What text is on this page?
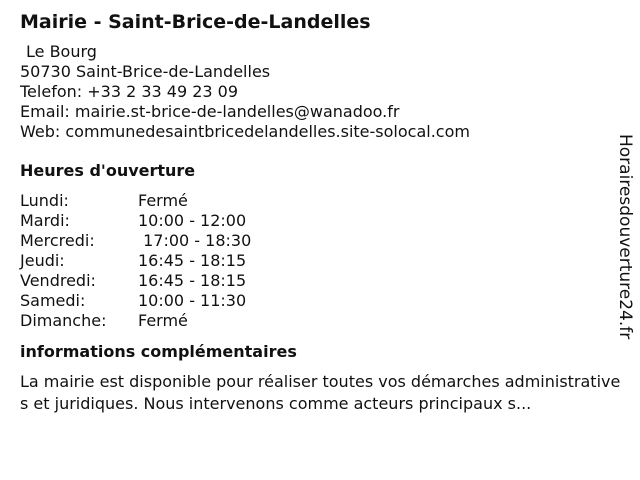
Mairie - Saint-Brice-de-Landelles
Le Bourg
50730 Saint-Brice-de-Landelles
Telefon: +33 2 33 49 23 09
Email: mairie.st-brice-de-landelles@wanadoo.fr
Web: communedesaintbricedelandelles.site-solocal.com
Heures d'ouverture
Lundi:	Fermé
Mardi:	10:00 - 12:00
Mercredi:	17:00 - 18:30
Jeudi:	16:45 - 18:15
Vendredi:	16:45 - 18:15
Samedi:	10:00 - 11:30
Dimanche:	Fermé
informations complémentaires
La mairie est disponible pour réaliser toutes vos démarches administratives et juridiques. Nous intervenons comme acteurs principaux s...
Horairesdouverture24.fr
